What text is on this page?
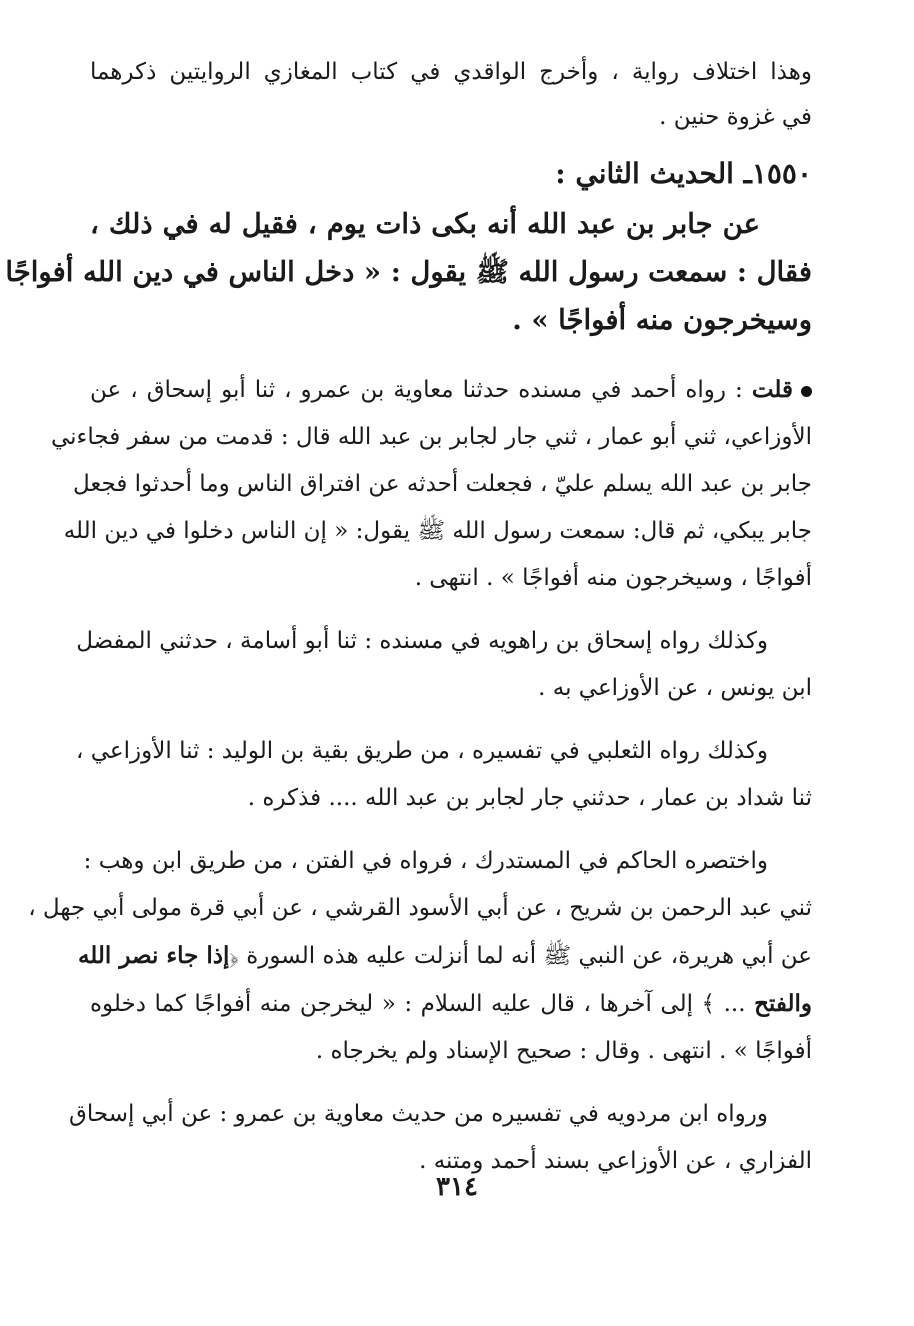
وهذا اختلاف رواية ، وأخرج الواقدي في كتاب المغازي الروايتين ذكرهما
في غزوة حنين .
١٥٥٠ـ الحديث الثاني :
عن جابر بن عبد الله أنه بكى ذات يوم ، فقيل له في ذلك ،
فقال : سمعت رسول الله ﷺ يقول : « دخل الناس في دين الله أفواجًا
وسيخرجون منه أفواجًا » .
قلت : رواه أحمد في مسنده حدثنا معاوية بن عمرو ، ثنا أبو إسحاق ، عن
الأوزاعي، ثني أبو عمار ، ثني جار لجابر بن عبد الله قال : قدمت من سفر فجاءني
جابر بن عبد الله يسلم عليّ ، فجعلت أحدثه عن افتراق الناس وما أحدثوا فجعل
جابر يبكي، ثم قال: سمعت رسول الله ﷺ يقول: « إن الناس دخلوا في دين الله
أفواجًا ، وسيخرجون منه أفواجًا » . انتهى .
وكذلك رواه إسحاق بن راهويه في مسنده : ثنا أبو أسامة ، حدثني المفضل
ابن يونس ، عن الأوزاعي به .
وكذلك رواه الثعلبي في تفسيره ، من طريق بقية بن الوليد : ثنا الأوزاعي ،
ثنا شداد بن عمار ، حدثني جار لجابر بن عبد الله .... فذكره .
واختصره الحاكم في المستدرك ، فرواه في الفتن ، من طريق ابن وهب :
ثني عبد الرحمن بن شريح ، عن أبي الأسود القرشي ، عن أبي قرة مولى أبي جهل ،
عن أبي هريرة، عن النبي ﷺ أنه لما أنزلت عليه هذه السورة ﴿إذا جاء نصر الله
والفتح ... ﴾ إلى آخرها ، قال عليه السلام : « ليخرجن منه أفواجًا كما دخلوه
أفواجًا » . انتهى . وقال : صحيح الإسناد ولم يخرجاه .
ورواه ابن مردويه في تفسيره من حديث معاوية بن عمرو : عن أبي إسحاق
الفزاري ، عن الأوزاعي بسند أحمد ومتنه .
٣١٤
